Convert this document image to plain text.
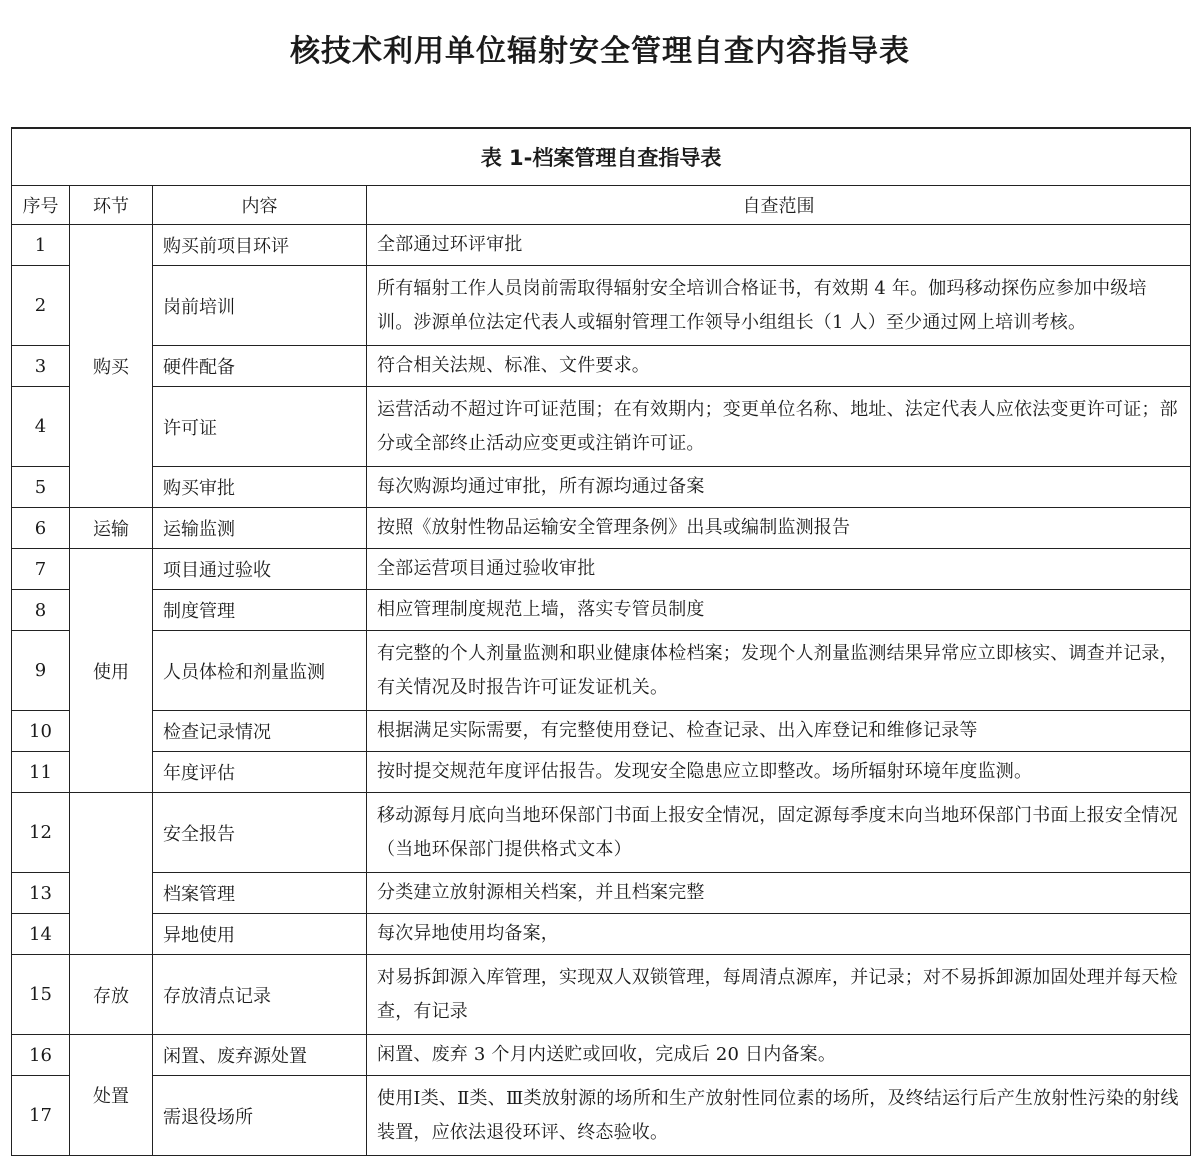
核技术利用单位辐射安全管理自查内容指导表
表 1-档案管理自查指导表			
序号	环节	内容	自查范围
1	购买	购买前项目环评	全部通过环评审批
2		岗前培训	所有辐射工作人员岗前需取得辐射安全培训合格证书，有效期 4 年。伽玛移动探伤应参加中级培训。涉源单位法定代表人或辐射管理工作领导小组组长（1 人）至少通过网上培训考核。
3		硬件配备	符合相关法规、标准、文件要求。
4		许可证	运营活动不超过许可证范围；在有效期内；变更单位名称、地址、法定代表人应依法变更许可证；部分或全部终止活动应变更或注销许可证。
5		购买审批	每次购源均通过审批，所有源均通过备案
6	运输	运输监测	按照《放射性物品运输安全管理条例》出具或编制监测报告
7	使用	项目通过验收	全部运营项目通过验收审批
8		制度管理	相应管理制度规范上墙，落实专管员制度
9		人员体检和剂量监测	有完整的个人剂量监测和职业健康体检档案；发现个人剂量监测结果异常应立即核实、调查并记录，有关情况及时报告许可证发证机关。
10		检查记录情况	根据满足实际需要，有完整使用登记、检查记录、出入库登记和维修记录等
11		年度评估	按时提交规范年度评估报告。发现安全隐患应立即整改。场所辐射环境年度监测。
12		安全报告	移动源每月底向当地环保部门书面上报安全情况，固定源每季度末向当地环保部门书面上报安全情况（当地环保部门提供格式文本）
13		档案管理	分类建立放射源相关档案，并且档案完整
14		异地使用	每次异地使用均备案，
15	存放	存放清点记录	对易拆卸源入库管理，实现双人双锁管理，每周清点源库，并记录；对不易拆卸源加固处理并每天检查，有记录
16	处置	闲置、废弃源处置	闲置、废弃 3 个月内送贮或回收，完成后 20 日内备案。
17		需退役场所	使用Ⅰ类、Ⅱ类、Ⅲ类放射源的场所和生产放射性同位素的场所，及终结运行后产生放射性污染的射线装置，应依法退役环评、终态验收。
